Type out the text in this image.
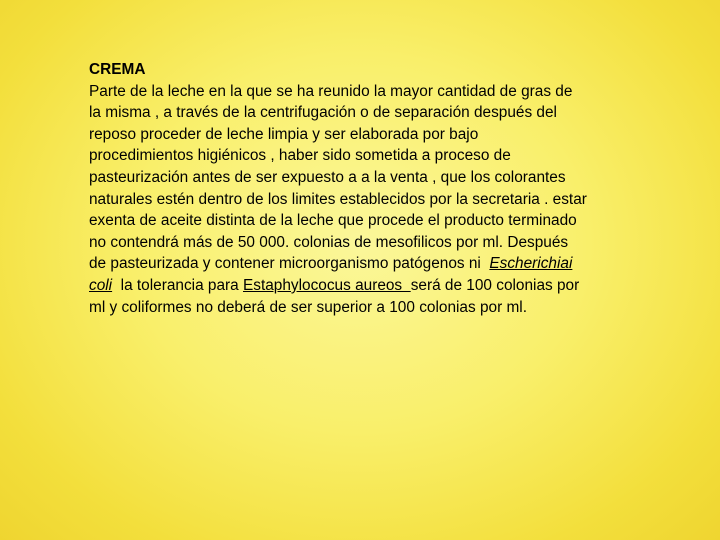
CREMA
Parte de la leche en la que se ha reunido la mayor cantidad de gras de
la misma , a través de la centrifugación o de separación después del
reposo proceder de leche limpia y ser elaborada por bajo
procedimientos higiénicos , haber sido sometida a proceso de
pasteurización antes de ser expuesto a a la venta , que los colorantes
naturales estén dentro de los limites establecidos por la secretaria . estar
exenta de aceite distinta de la leche que procede el producto terminado
no contendrá más de 50 000. colonias de mesofilicos por ml. Después
de pasteurizada y contener microorganismo patógenos ni  Escherichiai
coli  la tolerancia para Estaphylococus aureos  será de 100 colonias por
ml y coliformes no deberá de ser superior a 100 colonias por ml.
